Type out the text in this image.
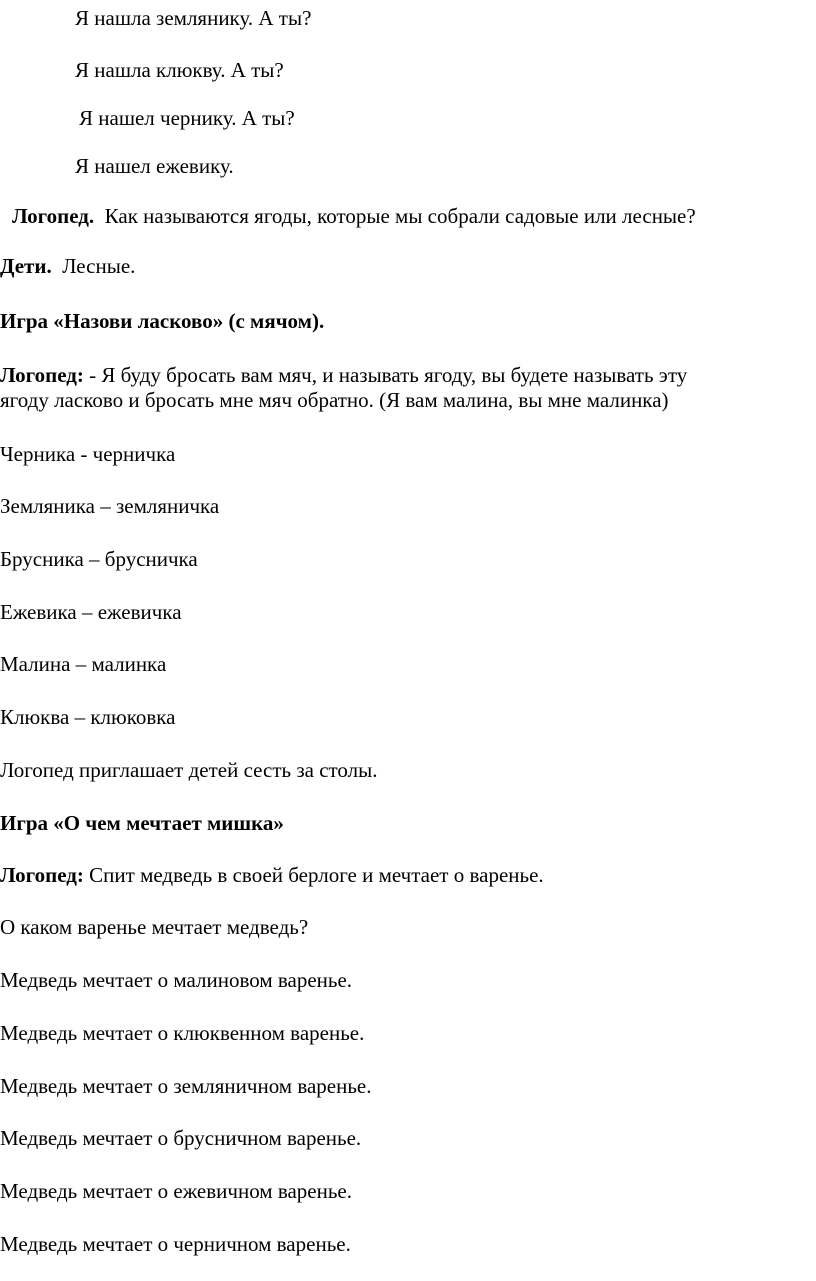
Я нашла землянику. А ты?
Я нашла клюкву. А ты?
Я нашел чернику. А ты?
Я нашел ежевику.
Логопед. Как называются ягоды, которые мы собрали садовые или лесные?
Дети. Лесные.
Игра «Назови ласково» (с мячом).
Логопед: - Я буду бросать вам мяч, и называть ягоду, вы будете называть эту
ягоду ласково и бросать мне мяч обратно. (Я вам малина, вы мне малинка)
Черника - черничка
Земляника – земляничка
Брусника – брусничка
Ежевика – ежевичка
Малина – малинка
Клюква – клюковка
Логопед приглашает детей сесть за столы.
Игра «О чем мечтает мишка»
Логопед: Спит медведь в своей берлоге и мечтает о варенье.
О каком варенье мечтает медведь?
Медведь мечтает о малиновом варенье.
Медведь мечтает о клюквенном варенье.
Медведь мечтает о земляничном варенье.
Медведь мечтает о брусничном варенье.
Медведь мечтает о ежевичном варенье.
Медведь мечтает о черничном варенье.
